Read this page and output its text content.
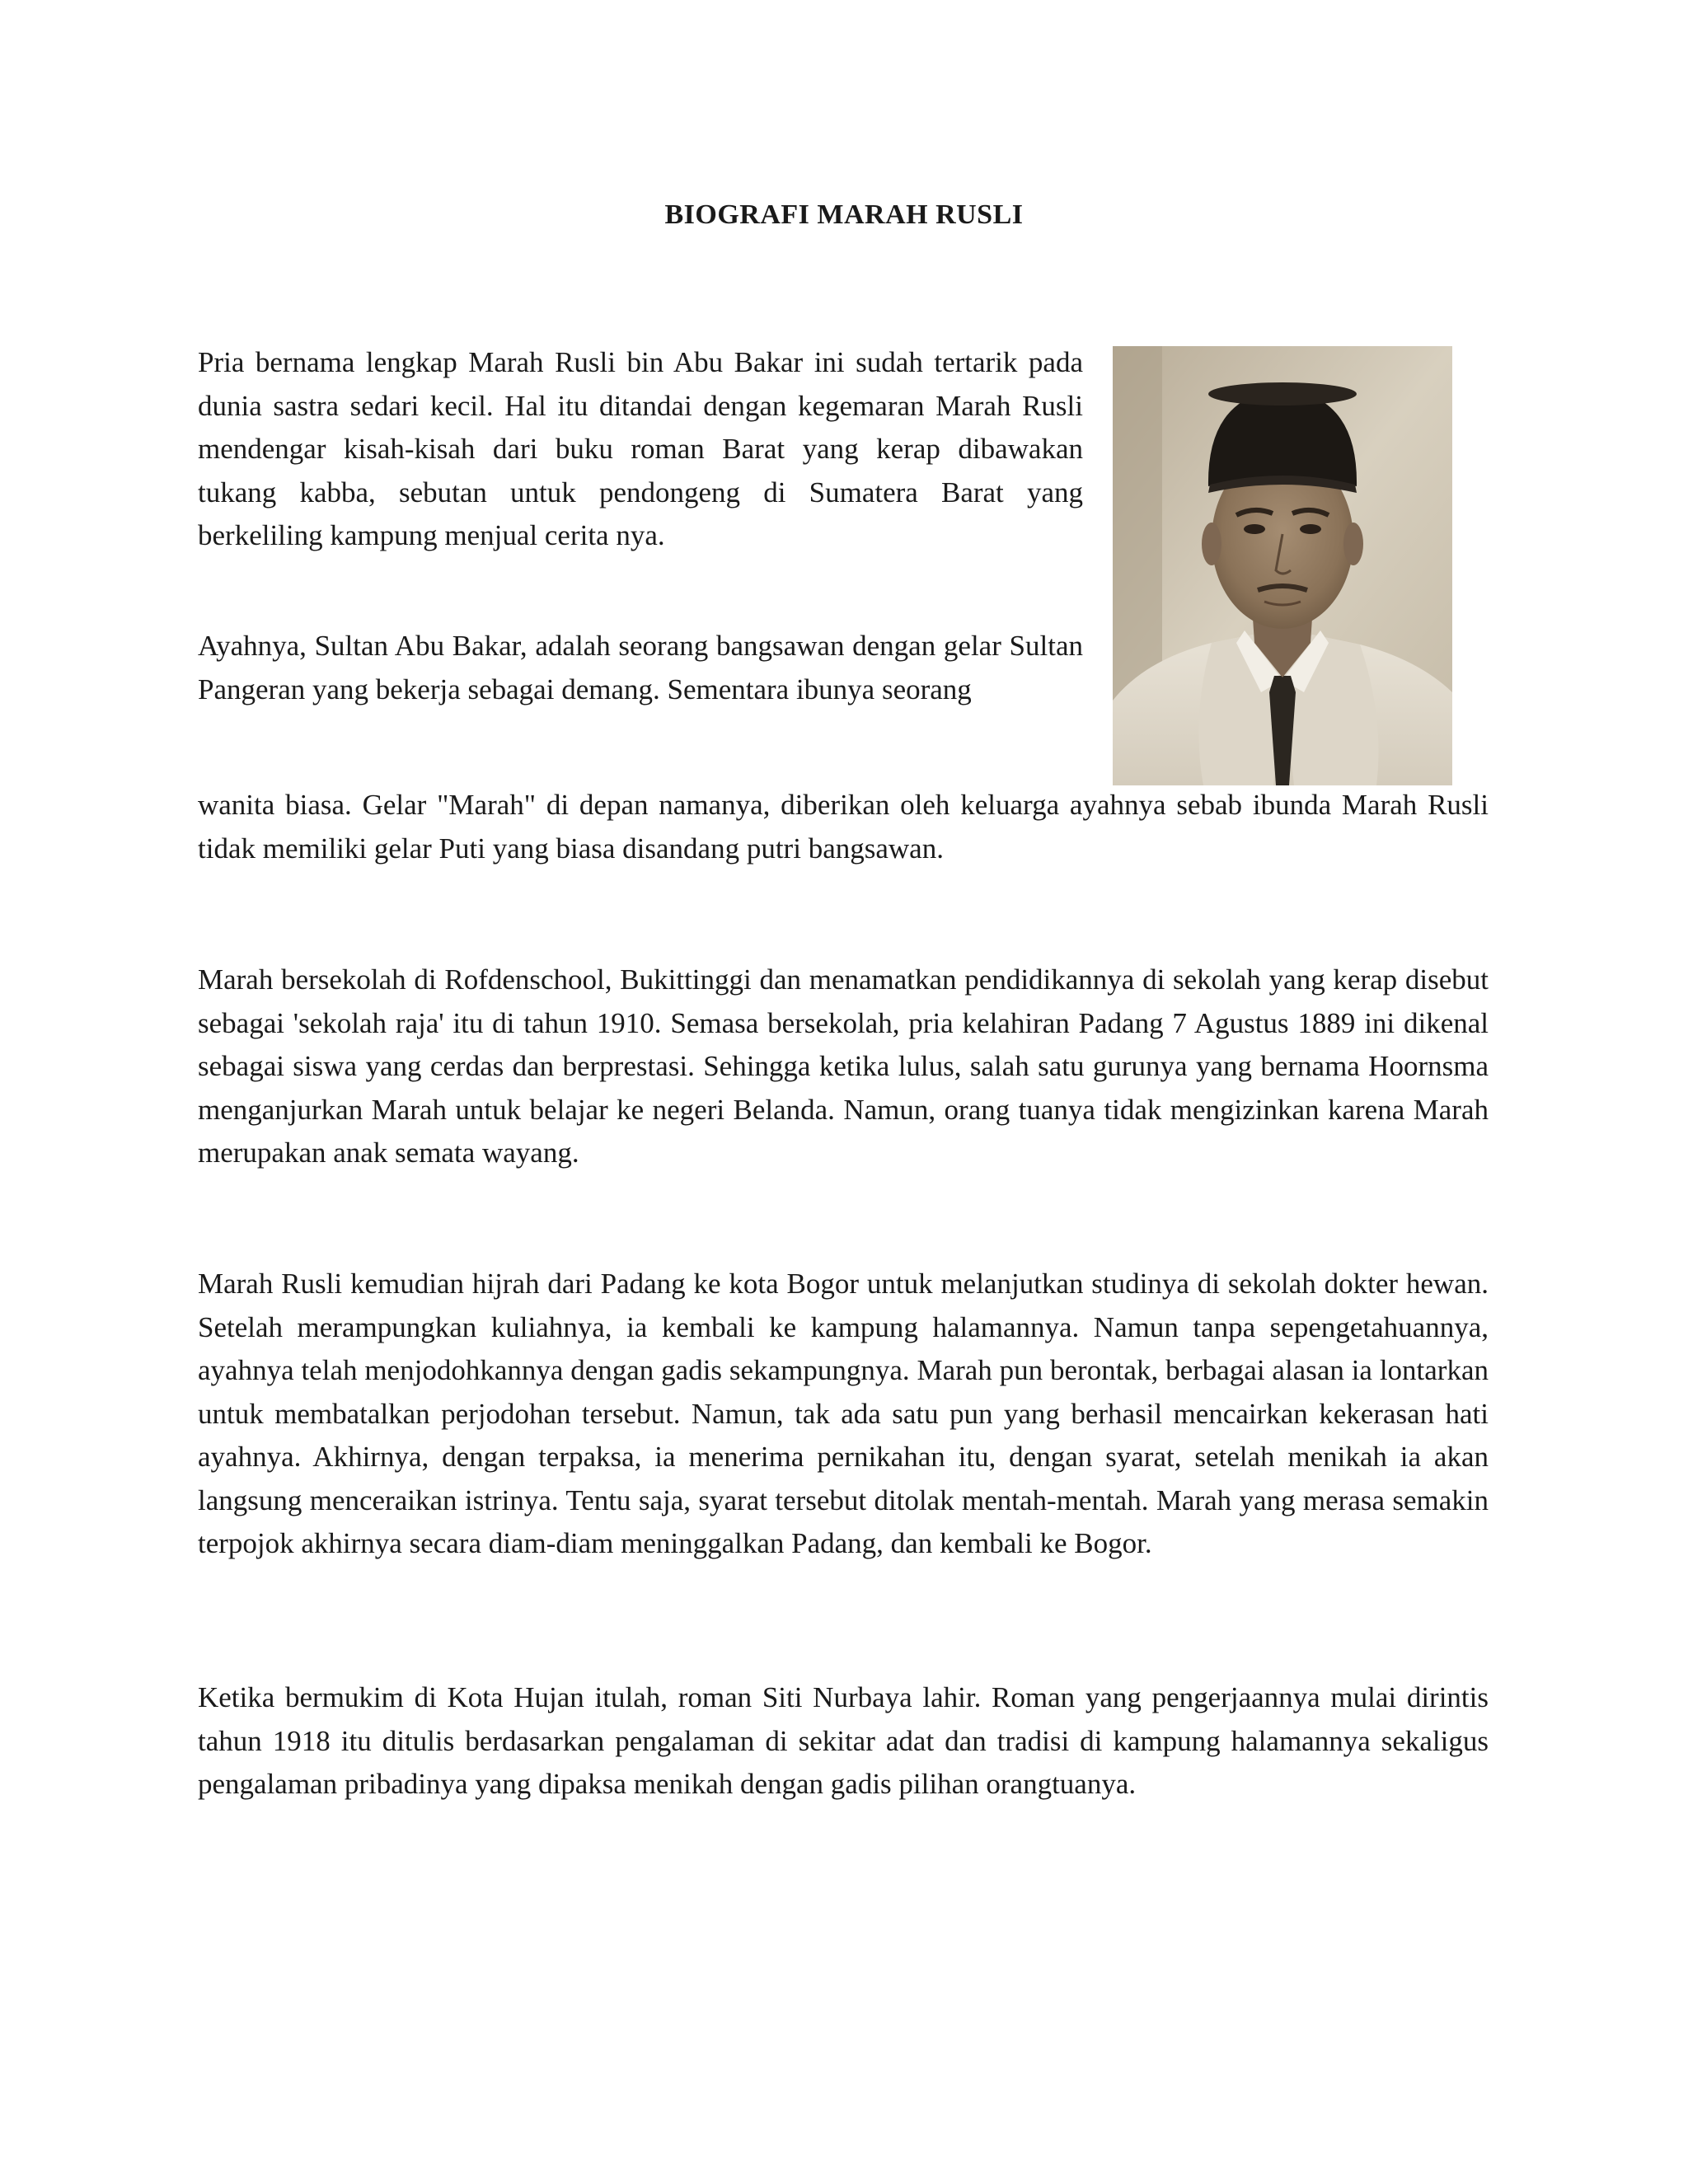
BIOGRAFI MARAH RUSLI

Pria bernama lengkap Marah Rusli bin Abu Bakar ini sudah tertarik pada dunia sastra sedari kecil. Hal itu ditandai dengan kegemaran Marah Rusli mendengar kisah-kisah dari buku roman Barat yang kerap dibawakan tukang kabba, sebutan untuk pendongeng di Sumatera Barat yang berkeliling kampung menjual cerita nya.

Ayahnya, Sultan Abu Bakar, adalah seorang bangsawan dengan gelar Sultan Pangeran yang bekerja sebagai demang. Sementara ibunya seorang

wanita biasa. Gelar "Marah" di depan namanya, diberikan oleh keluarga ayahnya sebab ibunda Marah Rusli tidak memiliki gelar Puti yang biasa disandang putri bangsawan.

Marah bersekolah di Rofdenschool, Bukittinggi dan menamatkan pendidikannya di sekolah yang kerap disebut sebagai 'sekolah raja' itu di tahun 1910. Semasa bersekolah, pria kelahiran Padang 7 Agustus 1889 ini dikenal sebagai siswa yang cerdas dan berprestasi. Sehingga ketika lulus, salah satu gurunya yang bernama Hoornsma menganjurkan Marah untuk belajar ke negeri Belanda. Namun, orang tuanya tidak mengizinkan karena Marah merupakan anak semata wayang.

Marah Rusli kemudian hijrah dari Padang ke kota Bogor untuk melanjutkan studinya di sekolah dokter hewan. Setelah merampungkan kuliahnya, ia kembali ke kampung halamannya. Namun tanpa sepengetahuannya, ayahnya telah menjodohkannya dengan gadis sekampungnya. Marah pun berontak, berbagai alasan ia lontarkan untuk membatalkan perjodohan tersebut. Namun, tak ada satu pun yang berhasil mencairkan kekerasan hati ayahnya. Akhirnya, dengan terpaksa, ia menerima pernikahan itu, dengan syarat, setelah menikah ia akan langsung menceraikan istrinya. Tentu saja, syarat tersebut ditolak mentah-mentah. Marah yang merasa semakin terpojok akhirnya secara diam-diam meninggalkan Padang, dan kembali ke Bogor.

Ketika bermukim di Kota Hujan itulah, roman Siti Nurbaya lahir. Roman yang pengerjaannya mulai dirintis tahun 1918 itu ditulis berdasarkan pengalaman di sekitar adat dan tradisi di kampung halamannya sekaligus pengalaman pribadinya yang dipaksa menikah dengan gadis pilihan orangtuanya.
